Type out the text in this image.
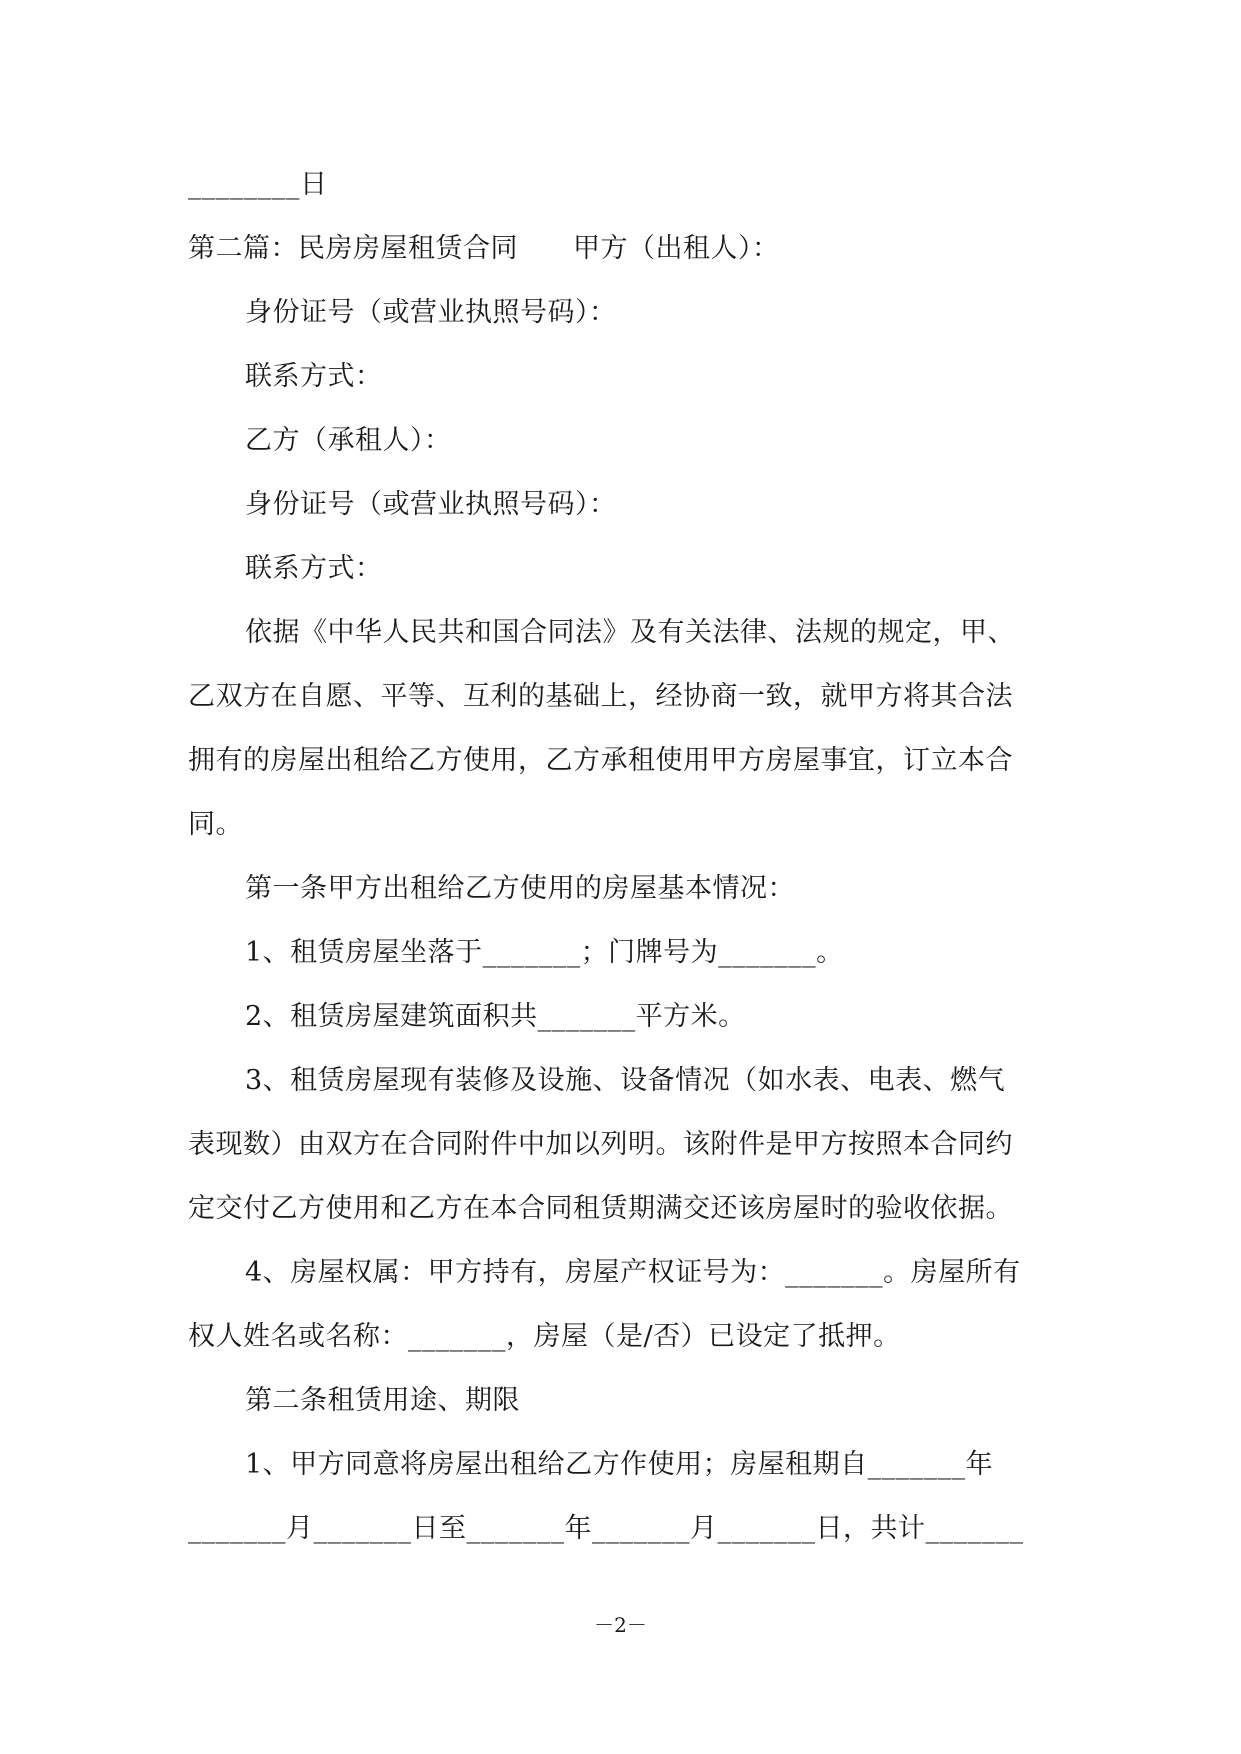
________日
第二篇：民房房屋租赁合同　　甲方（出租人）：
身份证号（或营业执照号码）：
联系方式：
乙方（承租人）：
身份证号（或营业执照号码）：
联系方式：
依据《中华人民共和国合同法》及有关法律、法规的规定，甲、
乙双方在自愿、平等、互利的基础上，经协商一致，就甲方将其合法
拥有的房屋出租给乙方使用，乙方承租使用甲方房屋事宜，订立本合
同。
第一条甲方出租给乙方使用的房屋基本情况：
1、租赁房屋坐落于_______；门牌号为_______。
2、租赁房屋建筑面积共_______平方米。
3、租赁房屋现有装修及设施、设备情况（如水表、电表、燃气
表现数）由双方在合同附件中加以列明。该附件是甲方按照本合同约
定交付乙方使用和乙方在本合同租赁期满交还该房屋时的验收依据。
4、房屋权属：甲方持有，房屋产权证号为：_______。房屋所有
权人姓名或名称：_______，房屋（是/否）已设定了抵押。
第二条租赁用途、期限
1、甲方同意将房屋出租给乙方作使用；房屋租期自_______年
_______月_______日至_______年_______月_______日，共计_______
－2－
